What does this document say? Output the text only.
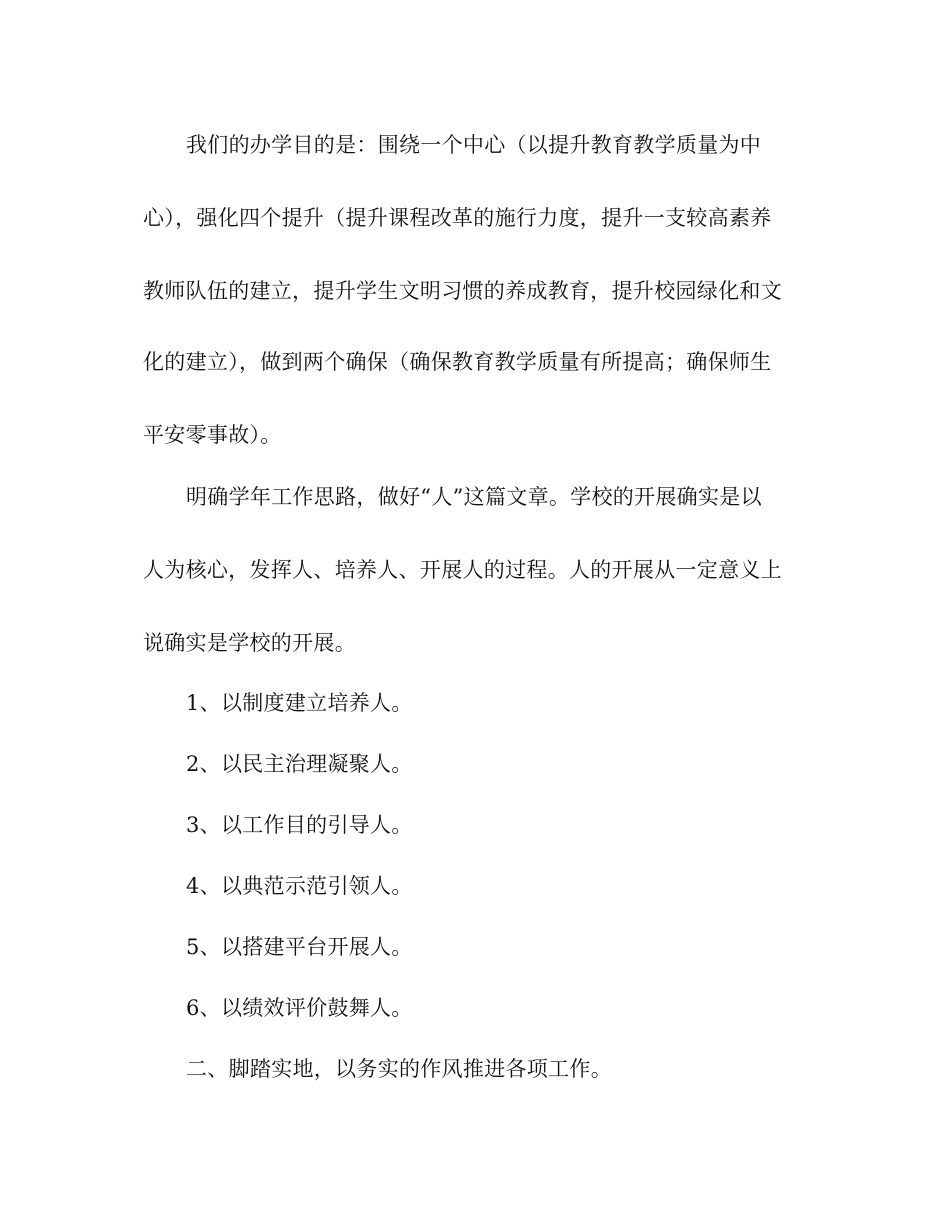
我们的办学目的是：围绕一个中心（以提升教育教学质量为中
心），强化四个提升（提升课程改革的施行力度，提升一支较高素养
教师队伍的建立，提升学生文明习惯的养成教育，提升校园绿化和文
化的建立），做到两个确保（确保教育教学质量有所提高；确保师生
平安零事故）。
明确学年工作思路，做好“人”这篇文章。学校的开展确实是以
人为核心，发挥人、培养人、开展人的过程。人的开展从一定意义上
说确实是学校的开展。
1、以制度建立培养人。
2、以民主治理凝聚人。
3、以工作目的引导人。
4、以典范示范引领人。
5、以搭建平台开展人。
6、以绩效评价鼓舞人。
二、脚踏实地，以务实的作风推进各项工作。
